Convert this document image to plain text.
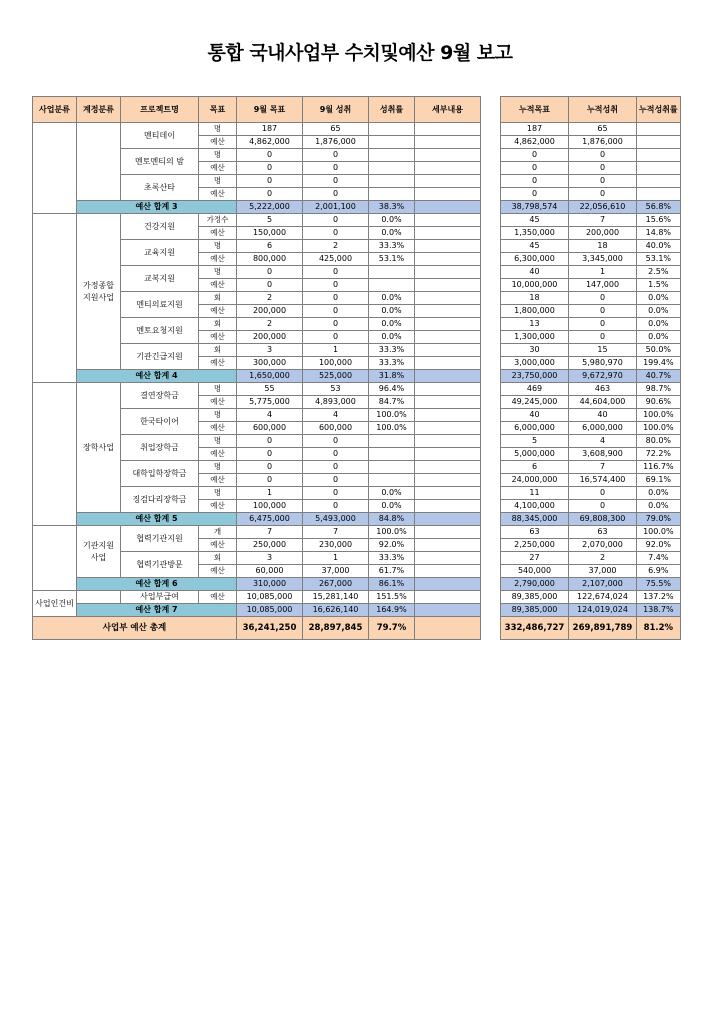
통합 국내사업부 수치및예산 9월 보고
사업분류	계정분류	프로젝트명	목표	9월 목표	9월 성취	성취률	세부내용		누적목표	누적성취	누적성취률
		멘티데이	명	187	65				187	65	
			예산	4,862,000	1,876,000				4,862,000	1,876,000	
		멘토멘티의 밤	명	0	0				0	0	
			예산	0	0				0	0	
		초록산타	명	0	0				0	0	
			예산	0	0				0	0	
	예산 합계 3			5,222,000	2,001,100	38.3%			38,798,574	22,056,610	56.8%
	가정종합 지원사업	건강지원	가정수	5	0	0.0%			45	7	15.6%
			예산	150,000	0	0.0%			1,350,000	200,000	14.8%
		교육지원	명	6	2	33.3%			45	18	40.0%
			예산	800,000	425,000	53.1%			6,300,000	3,345,000	53.1%
		교복지원	명	0	0				40	1	2.5%
			예산	0	0				10,000,000	147,000	1.5%
		멘티의료지원	회	2	0	0.0%			18	0	0.0%
			예산	200,000	0	0.0%			1,800,000	0	0.0%
		멘토요청지원	회	2	0	0.0%			13	0	0.0%
			예산	200,000	0	0.0%			1,300,000	0	0.0%
		기관긴급지원	회	3	1	33.3%			30	15	50.0%
			예산	300,000	100,000	33.3%			3,000,000	5,980,970	199.4%
	예산 합계 4			1,650,000	525,000	31.8%			23,750,000	9,672,970	40.7%
	장학사업	결연장학금	명	55	53	96.4%			469	463	98.7%
			예산	5,775,000	4,893,000	84.7%			49,245,000	44,604,000	90.6%
		한국타이어	명	4	4	100.0%			40	40	100.0%
			예산	600,000	600,000	100.0%			6,000,000	6,000,000	100.0%
		취업장학금	명	0	0				5	4	80.0%
			예산	0	0				5,000,000	3,608,900	72.2%
		대학입학장학금	명	0	0				6	7	116.7%
			예산	0	0				24,000,000	16,574,400	69.1%
		징검다리장학금	명	1	0	0.0%			11	0	0.0%
			예산	100,000	0	0.0%			4,100,000	0	0.0%
	예산 합계 5			6,475,000	5,493,000	84.8%			88,345,000	69,808,300	79.0%
	기관지원 사업	협력기관지원	개	7	7	100.0%			63	63	100.0%
			예산	250,000	230,000	92.0%			2,250,000	2,070,000	92.0%
		협력기관방문	회	3	1	33.3%			27	2	7.4%
			예산	60,000	37,000	61.7%			540,000	37,000	6.9%
	예산 합계 6			310,000	267,000	86.1%			2,790,000	2,107,000	75.5%
사업인건비		사업부급여	예산	10,085,000	15,281,140	151.5%			89,385,000	122,674,024	137.2%
	예산 합계 7			10,085,000	16,626,140	164.9%			89,385,000	124,019,024	138.7%
사업부 예산 총계				36,241,250	28,897,845	79.7%			332,486,727	269,891,789	81.2%
